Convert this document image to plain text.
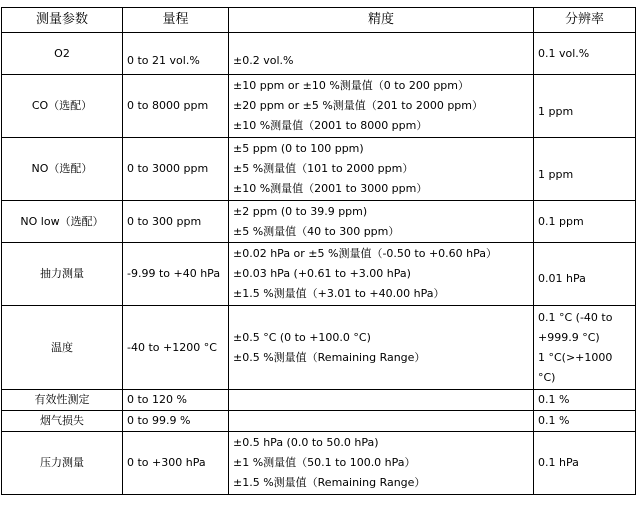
测量参数	量程	精度	分辨率
O2	0 to 21 vol.%	±0.2 vol.%	0.1 vol.%

CO（选配）	0 to 8000 ppm	±10 ppm or ±10 %测量值（0 to 200 ppm）
±20 ppm or ±5 %测量值（201 to 2000 ppm）
±10 %测量值（2001 to 8000 ppm）	1 ppm

NO（选配）	0 to 3000 ppm	±5 ppm (0 to 100 ppm)
±5 %测量值（101 to 2000 ppm）
±10 %测量值（2001 to 3000 ppm）	1 ppm

NO low（选配）	0 to 300 ppm	±2 ppm (0 to 39.9 ppm)
±5 %测量值（40 to 300 ppm）	0.1 ppm

抽力测量	-9.99 to +40 hPa	±0.02 hPa or ±5 %测量值（-0.50 to +0.60 hPa）
±0.03 hPa (+0.61 to +3.00 hPa)
±1.5 %测量值（+3.01 to +40.00 hPa）	0.01 hPa

温度	-40 to +1200 °C	±0.5 °C (0 to +100.0 °C)
±0.5 %测量值（Remaining Range）	0.1 °C (-40 to +999.9 °C)
1 °C(>+1000 °C)

有效性测定	0 to 120 %		0.1 %

烟气损失	0 to 99.9 %		0.1 %

压力测量	0 to +300 hPa	±0.5 hPa (0.0 to 50.0 hPa)
±1 %测量值（50.1 to 100.0 hPa）
±1.5 %测量值（Remaining Range）	0.1 hPa
